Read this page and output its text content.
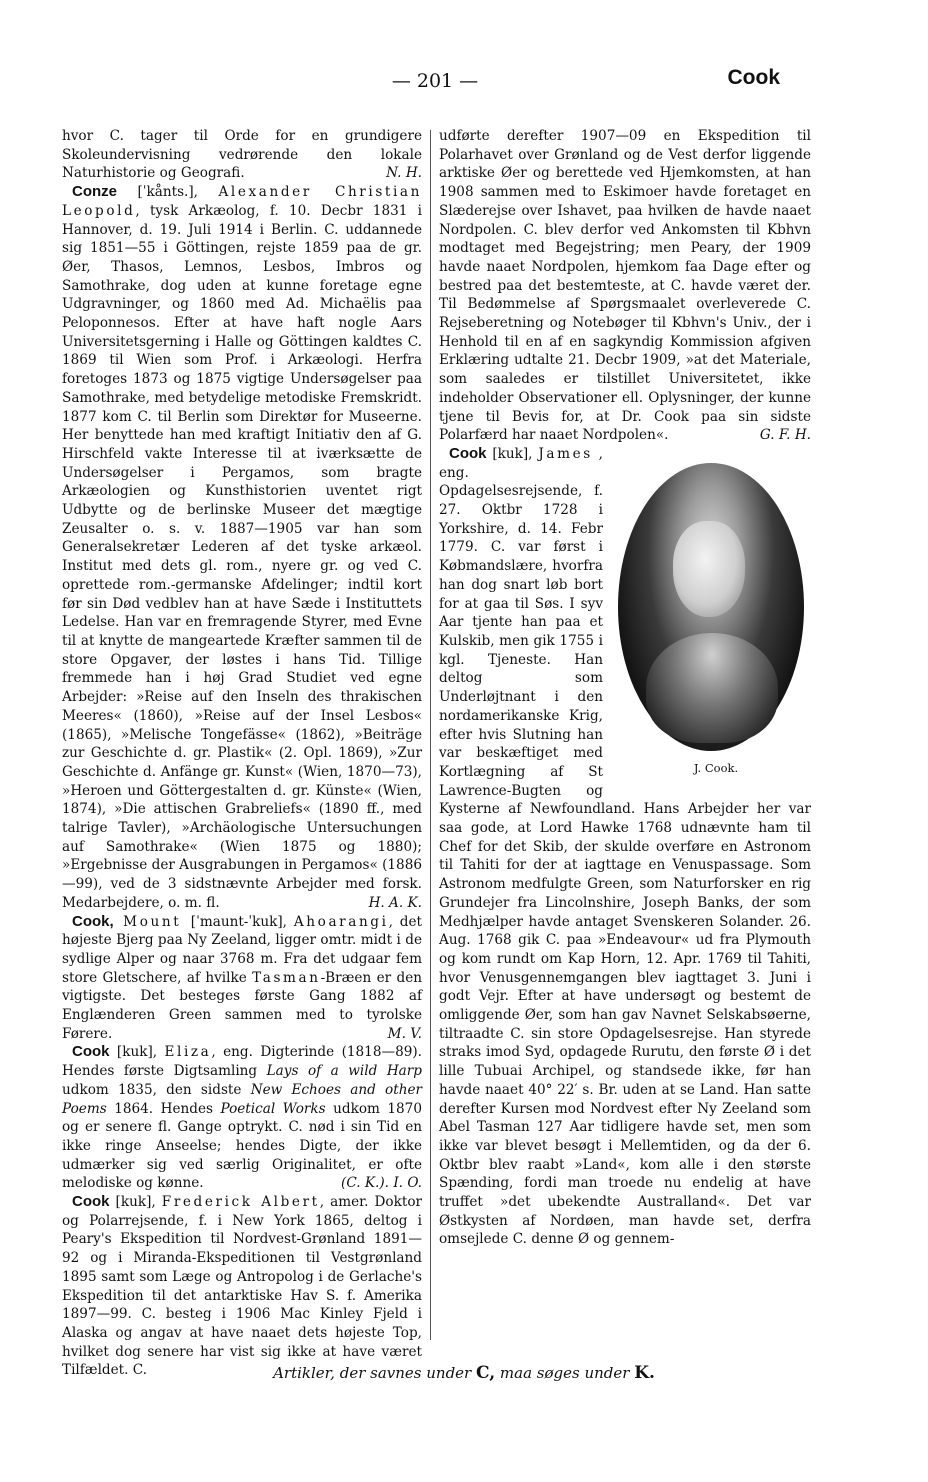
— 201 —	Cook

hvor C. tager til Orde for en grundigere Skoleundervisning vedrørende den lokale Naturhistorie og Geografi.	N. H.

Conze [ˈkånts.], Alexander Christian Leopold, tysk Arkæolog, f. 10. Decbr 1831 i Hannover, d. 19. Juli 1914 i Berlin. C. uddannede sig 1851—55 i Göttingen, rejste 1859 paa de gr. Øer, Thasos, Lemnos, Lesbos, Imbros og Samothrake, dog uden at kunne foretage egne Udgravninger, og 1860 med Ad. Michaëlis paa Peloponnesos. Efter at have haft nogle Aars Universitetsgerning i Halle og Göttingen kaldtes C. 1869 til Wien som Prof. i Arkæologi. Herfra foretoges 1873 og 1875 vigtige Undersøgelser paa Samothrake, med betydelige metodiske Fremskridt. 1877 kom C. til Berlin som Direktør for Museerne. Her benyttede han med kraftigt Initiativ den af G. Hirschfeld vakte Interesse til at iværksætte de Undersøgelser i Pergamos, som bragte Arkæologien og Kunsthistorien uventet rigt Udbytte og de berlinske Museer det mægtige Zeusalter o. s. v. 1887—1905 var han som Generalsekretær Lederen af det tyske arkæol. Institut med dets gl. rom., nyere gr. og ved C. oprettede rom.-germanske Afdelinger; indtil kort før sin Død vedblev han at have Sæde i Instituttets Ledelse. Han var en fremragende Styrer, med Evne til at knytte de mangeartede Kræfter sammen til de store Opgaver, der løstes i hans Tid. Tillige fremmede han i høj Grad Studiet ved egne Arbejder: »Reise auf den Inseln des thrakischen Meeres« (1860), »Reise auf der Insel Lesbos« (1865), »Melische Tongefässe« (1862), »Beiträge zur Geschichte d. gr. Plastik« (2. Opl. 1869), »Zur Geschichte d. Anfänge gr. Kunst« (Wien, 1870—73), »Heroen und Göttergestalten d. gr. Künste« (Wien, 1874), »Die attischen Grabreliefs« (1890 ff., med talrige Tavler), »Archäologische Untersuchungen auf Samothrake« (Wien 1875 og 1880); »Ergebnisse der Ausgrabungen in Pergamos« (1886—99), ved de 3 sidstnævnte Arbejder med forsk. Medarbejdere, o. m. fl.	H. A. K.

Cook, Mount [ˈmaunt-ˈkuk], Ahoarangi, det højeste Bjerg paa Ny Zeeland, ligger omtr. midt i de sydlige Alper og naar 3768 m. Fra det udgaar fem store Gletschere, af hvilke Tasman-Bræen er den vigtigste. Det besteges første Gang 1882 af Englænderen Green sammen med to tyrolske Førere.	M. V.

Cook [kuk], Eliza, eng. Digterinde (1818—89). Hendes første Digtsamling Lays of a wild Harp udkom 1835, den sidste New Echoes and other Poems 1864. Hendes Poetical Works udkom 1870 og er senere fl. Gange optrykt. C. nød i sin Tid en ikke ringe Anseelse; hendes Digte, der ikke udmærker sig ved særlig Originalitet, er ofte melodiske og kønne.	(C. K.). I. O.

Cook [kuk], Frederick Albert, amer. Doktor og Polarrejsende, f. i New York 1865, deltog i Peary's Ekspedition til Nordvest-Grønland 1891—92 og i Miranda-Ekspeditionen til Vestgrønland 1895 samt som Læge og Antropolog i de Gerlache's Ekspedition til det antarktiske Hav S. f. Amerika 1897—99. C. besteg i 1906 Mac Kinley Fjeld i Alaska og angav at have naaet dets højeste Top, hvilket dog senere har vist sig ikke at have været Tilfældet. C.

udførte derefter 1907—09 en Ekspedition til Polarhavet over Grønland og de Vest derfor liggende arktiske Øer og berettede ved Hjemkomsten, at han 1908 sammen med to Eskimoer havde foretaget en Slæderejse over Ishavet, paa hvilken de havde naaet Nordpolen. C. blev derfor ved Ankomsten til Kbhvn modtaget med Begejstring; men Peary, der 1909 havde naaet Nordpolen, hjemkom faa Dage efter og bestred paa det bestemteste, at C. havde været der. Til Bedømmelse af Spørgsmaalet overleverede C. Rejseberetning og Notebøger til Kbhvn's Univ., der i Henhold til en af en sagkyndig Kommission afgiven Erklæring udtalte 21. Decbr 1909, »at det Materiale, som saaledes er tilstillet Universitetet, ikke indeholder Observationer ell. Oplysninger, der kunne tjene til Bevis for, at Dr. Cook paa sin sidste Polarfærd har naaet Nordpolen«.	G. F. H.

Cook [kuk], James
J. Cook.
, eng. Opdagelsesrejsende, f. 27. Oktbr 1728 i Yorkshire, d. 14. Febr 1779. C. var først i Købmandslære, hvorfra han dog snart løb bort for at gaa til Søs. I syv Aar tjente han paa et Kulskib, men gik 1755 i kgl. Tjeneste. Han deltog som Underløjtnant i den nordamerikanske Krig, efter hvis Slutning han var beskæftiget med Kortlægning af St Lawrence-Bugten og Kysterne af Newfoundland. Hans Arbejder her var saa gode, at Lord Hawke 1768 udnævnte ham til Chef for det Skib, der skulde overføre en Astronom til Tahiti for der at iagttage en Venuspassage. Som Astronom medfulgte Green, som Naturforsker en rig Grundejer fra Lincolnshire, Joseph Banks, der som Medhjælper havde antaget Svenskeren Solander. 26. Aug. 1768 gik C. paa »Endeavour« ud fra Plymouth og kom rundt om Kap Horn, 12. Apr. 1769 til Tahiti, hvor Venusgennemgangen blev iagttaget 3. Juni i godt Vejr. Efter at have undersøgt og bestemt de omliggende Øer, som han gav Navnet Selskabsøerne, tiltraadte C. sin store Opdagelsesrejse. Han styrede straks imod Syd, opdagede Rurutu, den første Ø i det lille Tubuai Archipel, og standsede ikke, før han havde naaet 40° 22′ s. Br. uden at se Land. Han satte derefter Kursen mod Nordvest efter Ny Zeeland som Abel Tasman 127 Aar tidligere havde set, men som ikke var blevet besøgt i Mellemtiden, og da der 6. Oktbr blev raabt »Land«, kom alle i den største Spænding, fordi man troede nu endelig at have truffet »det ubekendte Australland«. Det var Østkysten af Nordøen, man havde set, derfra omsejlede C. denne Ø og gennem-

Artikler, der savnes under C, maa søges under K.
